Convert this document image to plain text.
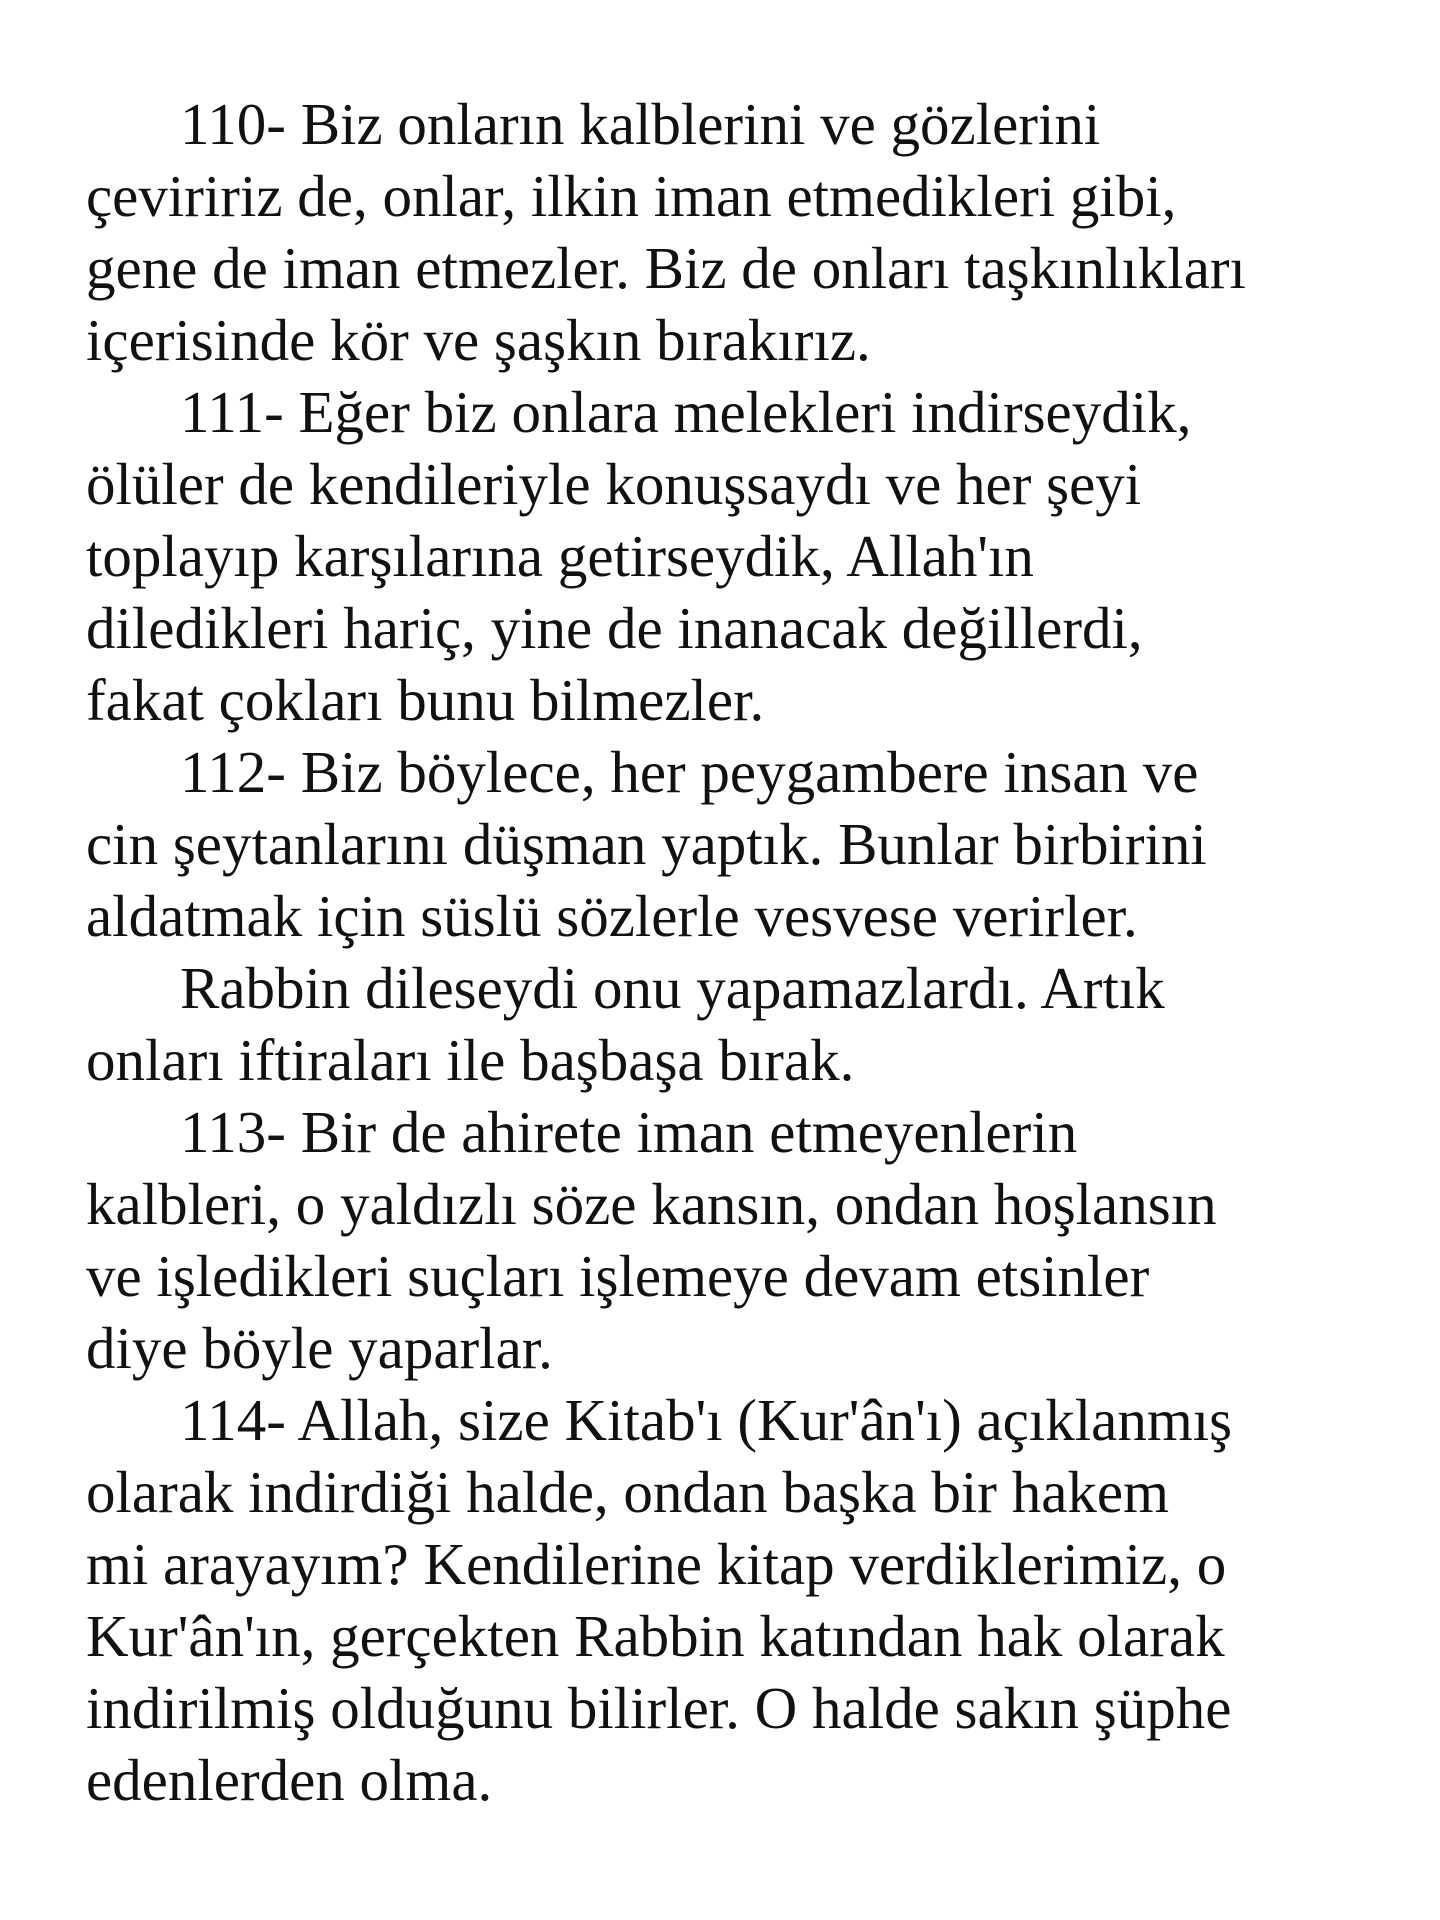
110- Biz onların kalblerini ve gözlerini
çeviririz de, onlar, ilkin iman etmedikleri gibi,
gene de iman etmezler. Biz de onları taşkınlıkları
içerisinde kör ve şaşkın bırakırız.
111- Eğer biz onlara melekleri indirseydik,
ölüler de kendileriyle konuşsaydı ve her şeyi
toplayıp karşılarına getirseydik, Allah'ın
diledikleri hariç, yine de inanacak değillerdi,
fakat çokları bunu bilmezler.
112- Biz böylece, her peygambere insan ve
cin şeytanlarını düşman yaptık. Bunlar birbirini
aldatmak için süslü sözlerle vesvese verirler.
Rabbin dileseydi onu yapamazlardı. Artık
onları iftiraları ile başbaşa bırak.
113- Bir de ahirete iman etmeyenlerin
kalbleri, o yaldızlı söze kansın, ondan hoşlansın
ve işledikleri suçları işlemeye devam etsinler
diye böyle yaparlar.
114- Allah, size Kitab'ı (Kur'ân'ı) açıklanmış
olarak indirdiği halde, ondan başka bir hakem
mi arayayım? Kendilerine kitap verdiklerimiz, o
Kur'ân'ın, gerçekten Rabbin katından hak olarak
indirilmiş olduğunu bilirler. O halde sakın şüphe
edenlerden olma.
